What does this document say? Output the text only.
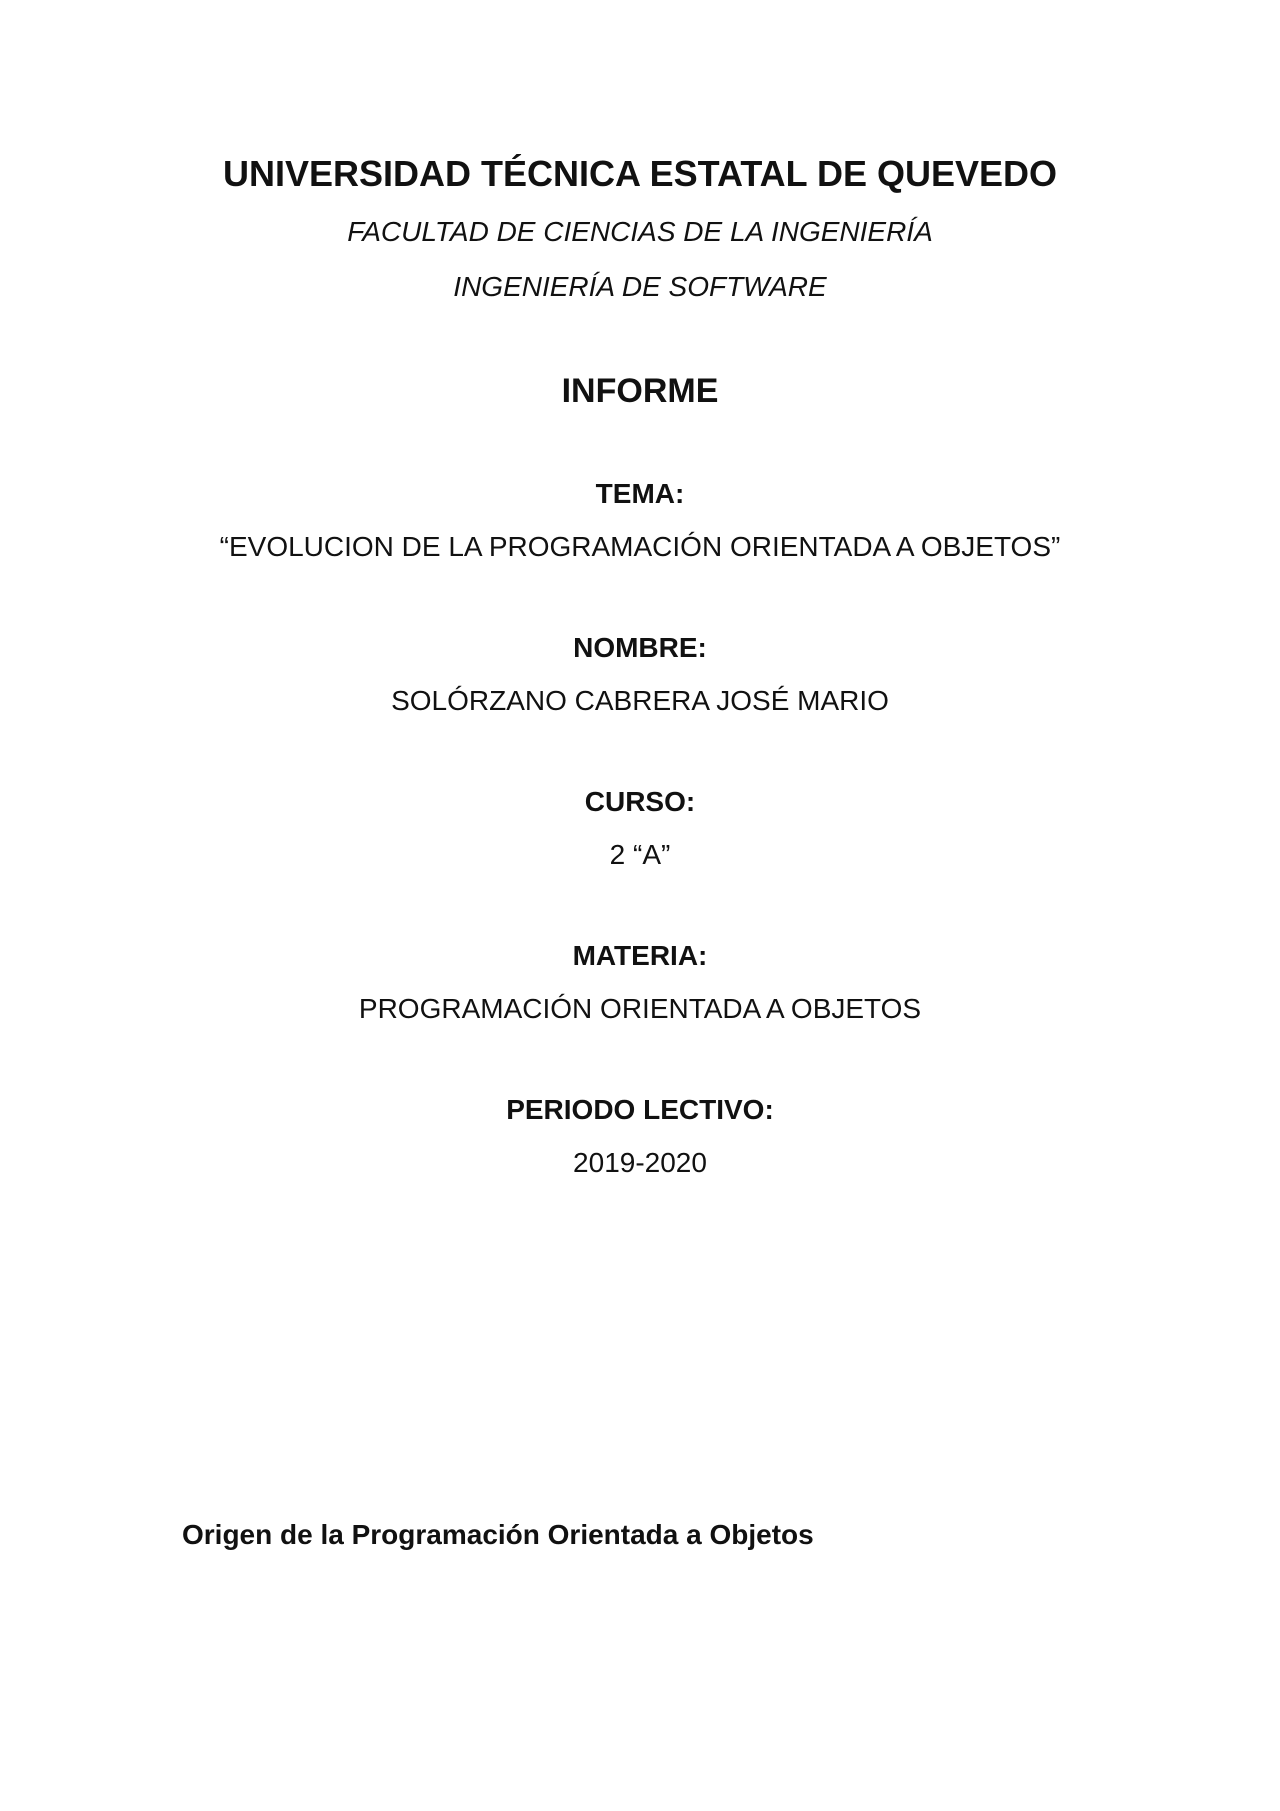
UNIVERSIDAD TÉCNICA ESTATAL DE QUEVEDO
FACULTAD DE CIENCIAS DE LA INGENIERÍA
INGENIERÍA DE SOFTWARE
INFORME
TEMA:
“EVOLUCION DE LA PROGRAMACIÓN ORIENTADA A OBJETOS”
NOMBRE:
SOLÓRZANO CABRERA JOSÉ MARIO
CURSO:
2 “A”
MATERIA:
PROGRAMACIÓN ORIENTADA A OBJETOS
PERIODO LECTIVO:
2019-2020
Origen de la Programación Orientada a Objetos
